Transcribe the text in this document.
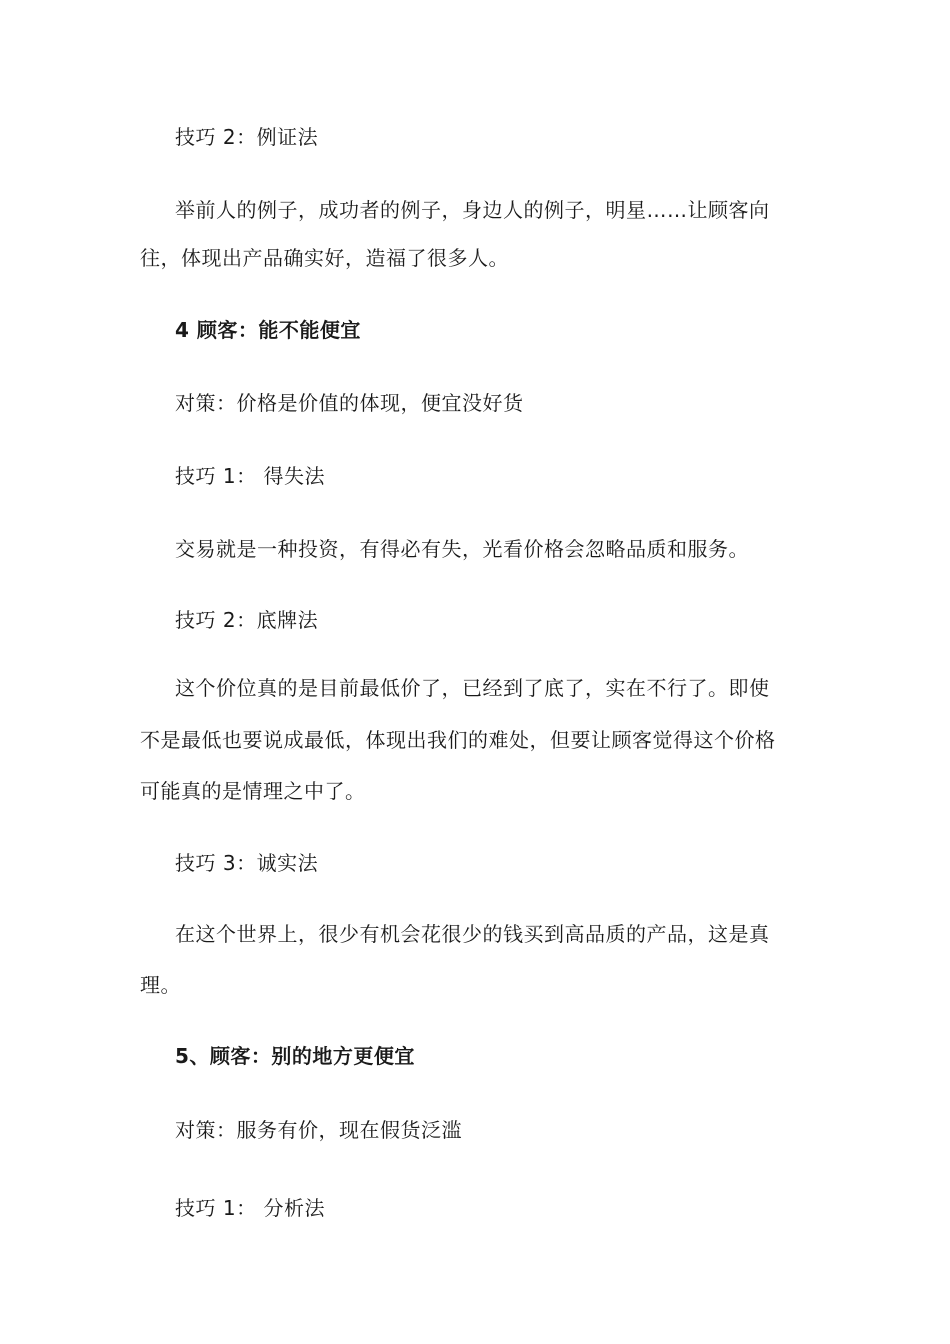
技巧 2：例证法
举前人的例子，成功者的例子，身边人的例子，明星……让顾客向
往，体现出产品确实好，造福了很多人。
4 顾客：能不能便宜
对策：价格是价值的体现，便宜没好货
技巧 1： 得失法
交易就是一种投资，有得必有失，光看价格会忽略品质和服务。
技巧 2：底牌法
这个价位真的是目前最低价了，已经到了底了，实在不行了。即使
不是最低也要说成最低，体现出我们的难处，但要让顾客觉得这个价格
可能真的是情理之中了。
技巧 3：诚实法
在这个世界上，很少有机会花很少的钱买到高品质的产品，这是真
理。
5、顾客：别的地方更便宜
对策：服务有价，现在假货泛滥
技巧 1： 分析法
